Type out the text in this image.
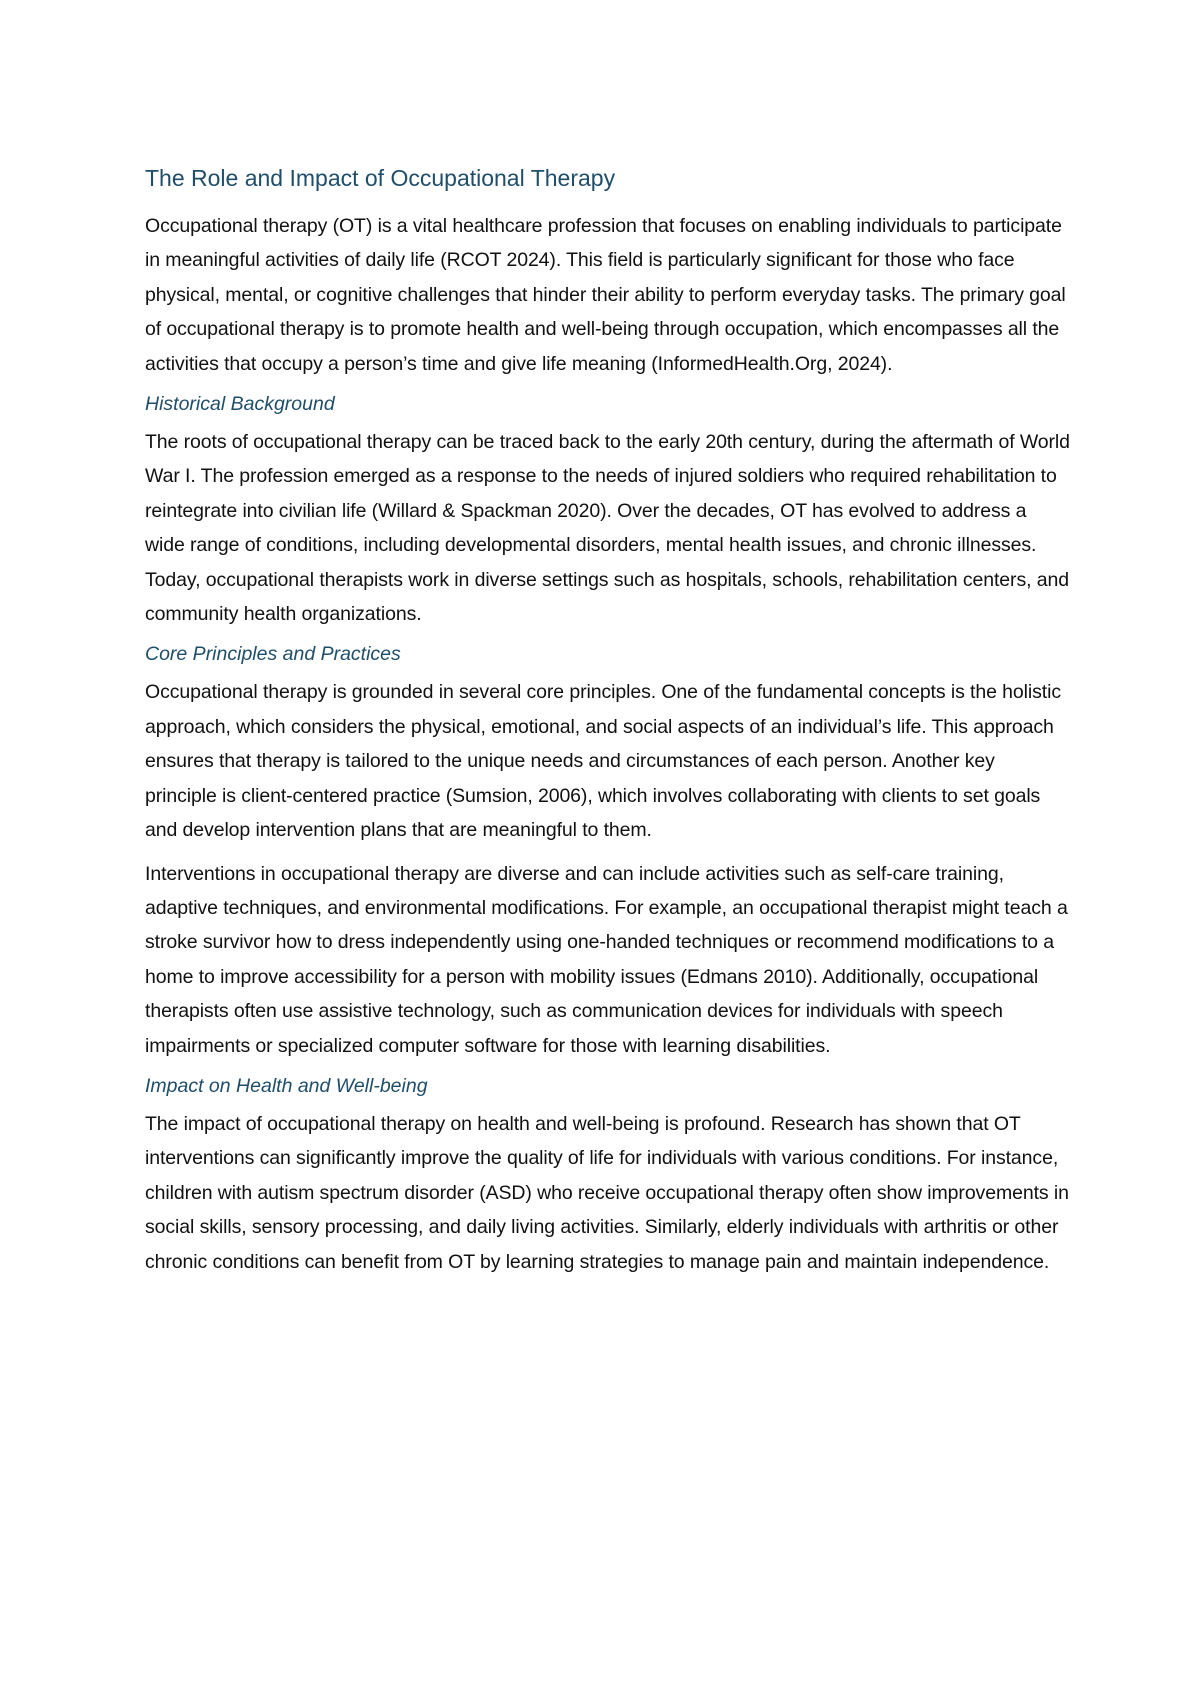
The Role and Impact of Occupational Therapy

Occupational therapy (OT) is a vital healthcare profession that focuses on enabling individuals to participate in meaningful activities of daily life (RCOT 2024). This field is particularly significant for those who face physical, mental, or cognitive challenges that hinder their ability to perform everyday tasks. The primary goal of occupational therapy is to promote health and well-being through occupation, which encompasses all the activities that occupy a person’s time and give life meaning (InformedHealth.Org, 2024).

Historical Background

The roots of occupational therapy can be traced back to the early 20th century, during the aftermath of World War I. The profession emerged as a response to the needs of injured soldiers who required rehabilitation to reintegrate into civilian life (Willard & Spackman 2020). Over the decades, OT has evolved to address a wide range of conditions, including developmental disorders, mental health issues, and chronic illnesses. Today, occupational therapists work in diverse settings such as hospitals, schools, rehabilitation centers, and community health organizations.

Core Principles and Practices

Occupational therapy is grounded in several core principles. One of the fundamental concepts is the holistic approach, which considers the physical, emotional, and social aspects of an individual’s life. This approach ensures that therapy is tailored to the unique needs and circumstances of each person. Another key principle is client-centered practice (Sumsion, 2006), which involves collaborating with clients to set goals and develop intervention plans that are meaningful to them.

Interventions in occupational therapy are diverse and can include activities such as self-care training, adaptive techniques, and environmental modifications. For example, an occupational therapist might teach a stroke survivor how to dress independently using one-handed techniques or recommend modifications to a home to improve accessibility for a person with mobility issues (Edmans 2010). Additionally, occupational therapists often use assistive technology, such as communication devices for individuals with speech impairments or specialized computer software for those with learning disabilities.

Impact on Health and Well-being

The impact of occupational therapy on health and well-being is profound. Research has shown that OT interventions can significantly improve the quality of life for individuals with various conditions. For instance, children with autism spectrum disorder (ASD) who receive occupational therapy often show improvements in social skills, sensory processing, and daily living activities. Similarly, elderly individuals with arthritis or other chronic conditions can benefit from OT by learning strategies to manage pain and maintain independence.
